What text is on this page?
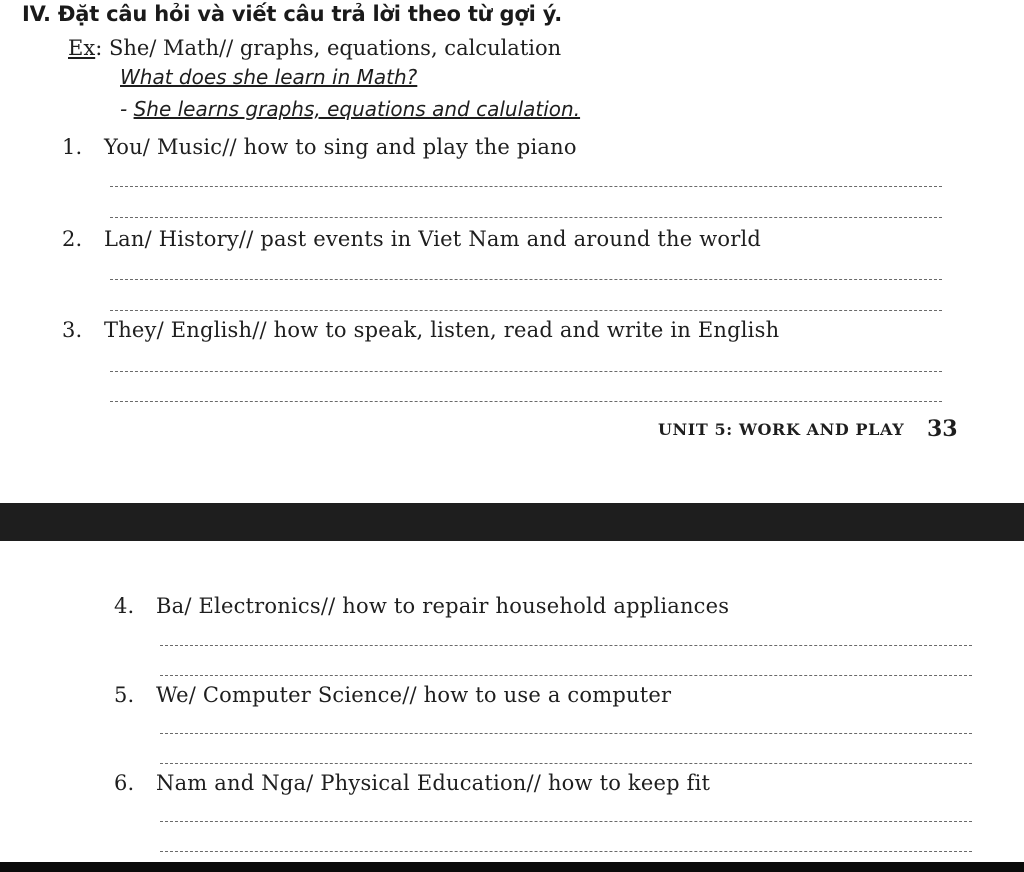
IV. Đặt câu hỏi và viết câu trả lời theo từ gợi ý.
Ex: She/ Math// graphs, equations, calculation
What does she learn in Math?
- She learns graphs, equations and calulation.
1. You/ Music// how to sing and play the piano
2. Lan/ History// past events in Viet Nam and around the world
3. They/ English// how to speak, listen, read and write in English
UNIT 5: WORK AND PLAY 33
4. Ba/ Electronics// how to repair household appliances
5. We/ Computer Science// how to use a computer
6. Nam and Nga/ Physical Education// how to keep fit
